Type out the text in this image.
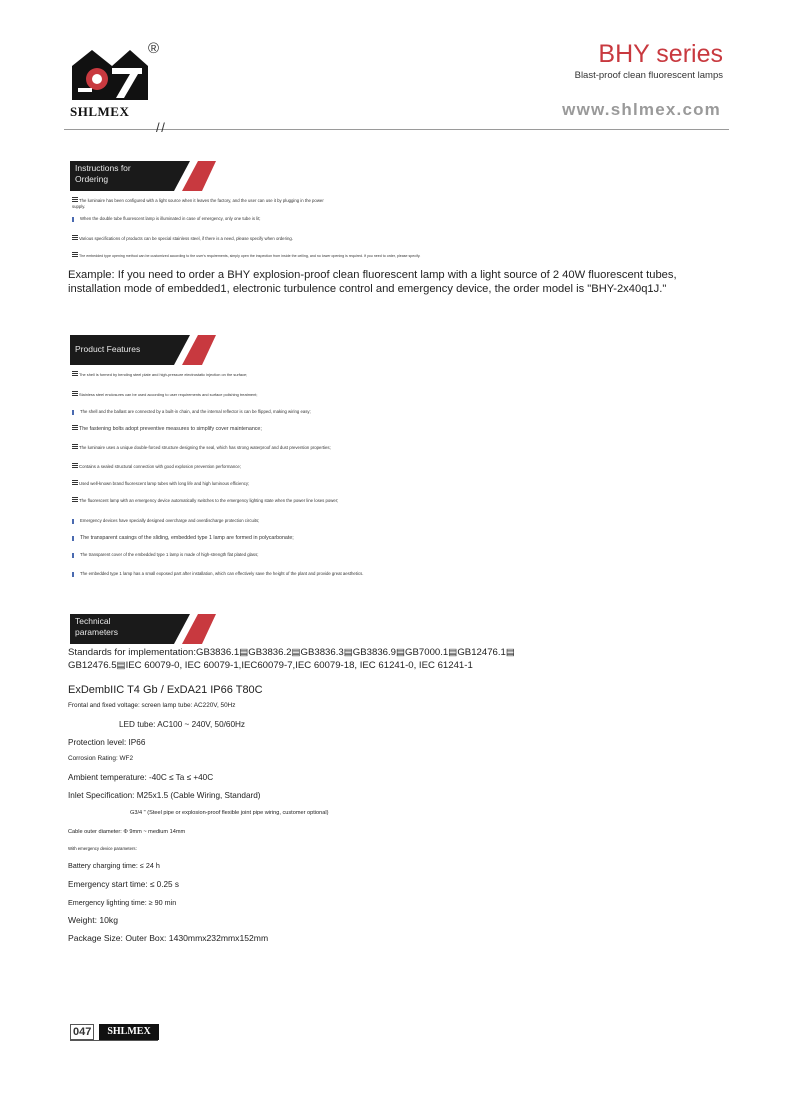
®
SHLMEX
BHY series
Blast-proof clean fluorescent lamps
www.shlmex.com
/ /
Instructions for
Ordering
The luminaire has been configured with a light source when it leaves the factory, and the user can use it by plugging in the power supply.
When the double tube fluorescent lamp is illuminated in case of emergency, only one tube is lit;
Various specifications of products can be special stainless steel, if there is a need, please specify when ordering.
The embedded type opening method can be customized according to the user's requirements, simply open the inspection from inside the ceiling, and no lower opening is required. If you need to order, please specify.
Example: If you need to order a BHY explosion-proof clean fluorescent lamp with a light source of 2 40W fluorescent tubes, installation mode of embedded1, electronic turbulence control and emergency device, the order model is "BHY-2x40q1J."
Product Features
The shell is formed by bending steel plate and high-pressure electrostatic injection on the surface;
Stainless steel enclosures can be used according to user requirements and surface polishing treatment;
The shell and the ballast are connected by a built-in chain, and the internal reflector is can be flipped, making wiring easy;
The fastening bolts adopt preventive measures to simplify cover maintenance;
The luminaire uses a unique double-forced structure designing the seal, which has strong waterproof and dust prevention properties;
Contains a sealed structural connection with good explosion prevention performance;
Used well-known brand fluorescent lamp tubes with long life and high luminous efficiency;
The fluorescent lamp with an emergency device automatically switches to the emergency lighting state when the power line loses power;
Emergency devices have specially designed overcharge and overdischarge protection circuits;
The transparent casings of the sliding, embedded type 1 lamp are formed in polycarbonate;
The transparent cover of the embedded type 1 lamp is made of high-strength flat plated glass;
The embedded type 1 lamp has a small exposed part after installation, which can effectively save the height of the plant and provide great aesthetics.
Technical
parameters
Standards for implementation:GB3836.1▤GB3836.2▤GB3836.3▤GB3836.9▤GB7000.1▤GB12476.1▤
GB12476.5▤IEC 60079-0, IEC 60079-1,IEC60079-7,IEC 60079-18, IEC 61241-0, IEC 61241-1
ExDembIIC T4 Gb / ExDA21 IP66 T80C
Frontal and fixed voltage: screen lamp tube: AC220V, 50Hz
LED tube: AC100 ~ 240V, 50/60Hz
Protection level: IP66
Corrosion Rating: WF2
Ambient temperature: -40C ≤ Ta ≤ +40C
Inlet Specification: M25x1.5 (Cable Wiring, Standard)
G3/4 " (Steel pipe or explosion-proof flexible joint pipe wiring, customer optional)
Cable outer diameter: Φ 9mm ~ medium 14mm
With emergency device parameters:
Battery charging time: ≤ 24 h
Emergency start time: ≤ 0.25 s
Emergency lighting time: ≥ 90 min
Weight: 10kg
Package Size: Outer Box: 1430mmx232mmx152mm
047	SHLMEX
